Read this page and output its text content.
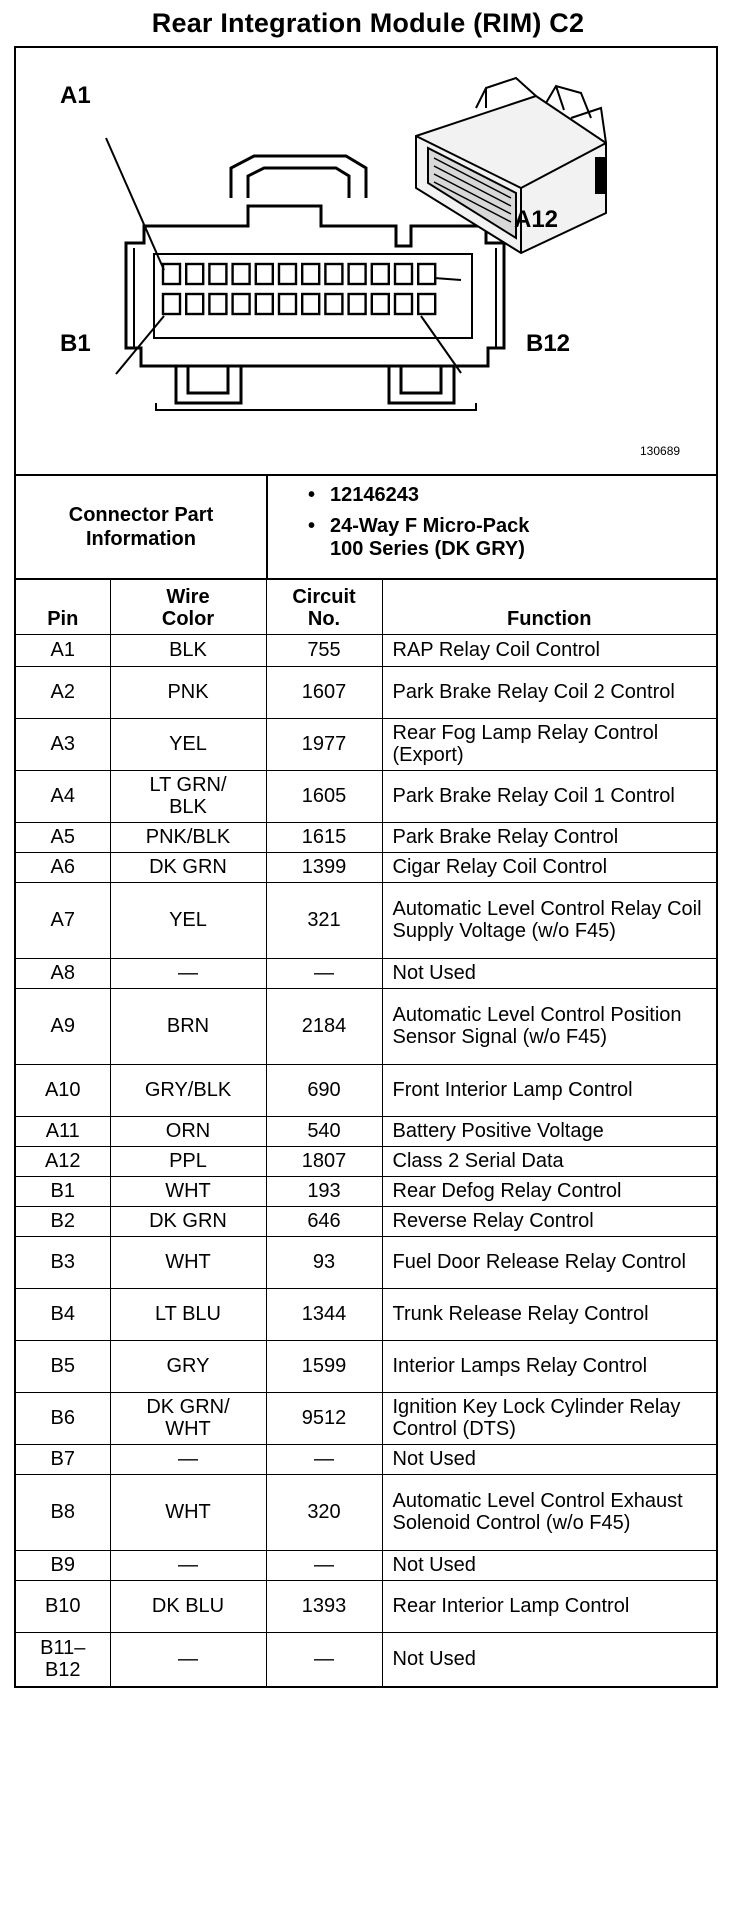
Rear Integration Module (RIM) C2
A1
A12
B1	B12
130689
Connector Part Information
• 12146243
• 24-Way F Micro-Pack
100 Series (DK GRY)
Pin	Wire Color	Circuit No.	Function
A1	BLK	755	RAP Relay Coil Control
A2	PNK	1607	Park Brake Relay Coil 2 Control
A3	YEL	1977	Rear Fog Lamp Relay Control (Export)
A4	LT GRN/ BLK	1605	Park Brake Relay Coil 1 Control
A5	PNK/BLK	1615	Park Brake Relay Control
A6	DK GRN	1399	Cigar Relay Coil Control
A7	YEL	321	Automatic Level Control Relay Coil Supply Voltage (w/o F45)
A8	—	—	Not Used
A9	BRN	2184	Automatic Level Control Position Sensor Signal (w/o F45)
A10	GRY/BLK	690	Front Interior Lamp Control
A11	ORN	540	Battery Positive Voltage
A12	PPL	1807	Class 2 Serial Data
B1	WHT	193	Rear Defog Relay Control
B2	DK GRN	646	Reverse Relay Control
B3	WHT	93	Fuel Door Release Relay Control
B4	LT BLU	1344	Trunk Release Relay Control
B5	GRY	1599	Interior Lamps Relay Control
B6	DK GRN/ WHT	9512	Ignition Key Lock Cylinder Relay Control (DTS)
B7	—	—	Not Used
B8	WHT	320	Automatic Level Control Exhaust Solenoid Control (w/o F45)
B9	—	—	Not Used
B10	DK BLU	1393	Rear Interior Lamp Control
B11– B12	—	—	Not Used
